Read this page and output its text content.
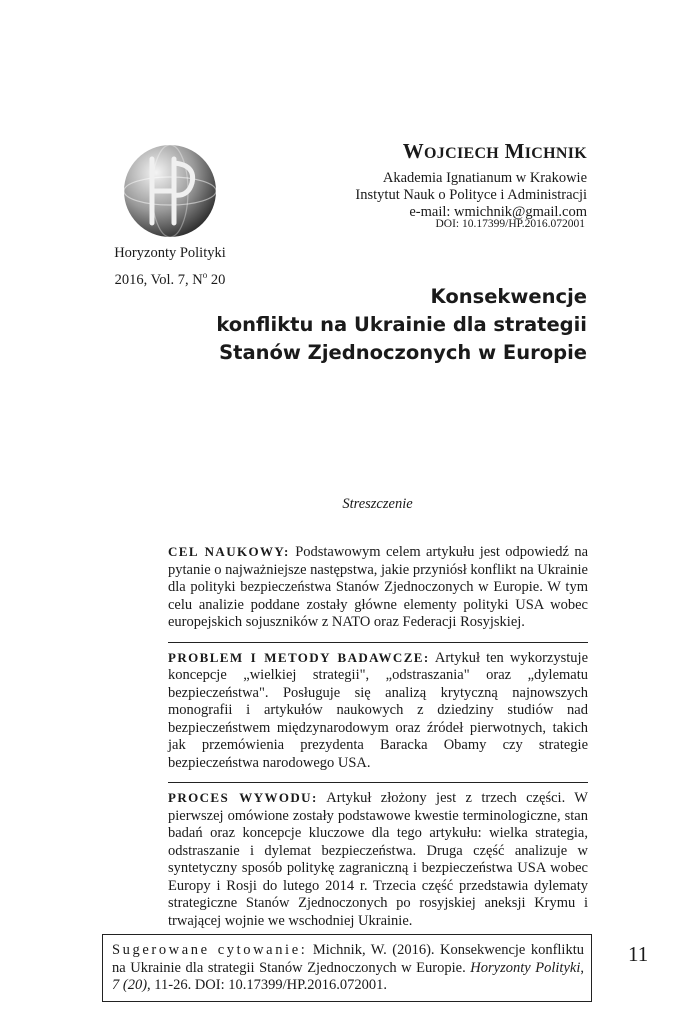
Horyzonty Polityki
2016, Vol. 7, $N^o$ 20
WOJCIECH MICHNIK
Akademia Ignatianum w Krakowie
Instytut Nauk o Polityce i Administracji
e-mail: wmichnik@gmail.com
DOI: 10.17399/HP.2016.072001
Konsekwencje
konfliktu na Ukrainie dla strategii
Stanów Zjednoczonych w Europie
Streszczenie
CEL NAUKOWY: Podstawowym celem artykułu jest odpowiedź na pytanie o najważniejsze następstwa, jakie przyniósł konflikt na Ukrainie dla polityki bezpieczeństwa Stanów Zjednoczonych w Europie. W tym celu analizie poddane zostały główne elementy polityki USA wobec europejskich sojuszników z NATO oraz Federacji Rosyjskiej.
PROBLEM I METODY BADAWCZE: Artykuł ten wykorzystuje koncepcje „wielkiej strategii", „odstraszania" oraz „dylematu bezpieczeństwa". Posługuje się analizą krytyczną najnowszych monografii i artykułów naukowych z dziedziny studiów nad bezpieczeństwem międzynarodowym oraz źródeł pierwotnych, takich jak przemówienia prezydenta Baracka Obamy czy strategie bezpieczeństwa narodowego USA.
PROCES WYWODU: Artykuł złożony jest z trzech części. W pierwszej omówione zostały podstawowe kwestie terminologiczne, stan badań oraz koncepcje kluczowe dla tego artykułu: wielka strategia, odstraszanie i dylemat bezpieczeństwa. Druga część analizuje w syntetyczny sposób politykę zagraniczną i bezpieczeństwa USA wobec Europy i Rosji do lutego 2014 r. Trzecia część przedstawia dylematy strategiczne Stanów Zjednoczonych po rosyjskiej aneksji Krymu i trwającej wojnie we wschodniej Ukrainie.
Sugerowane cytowanie: Michnik, W. (2016). Konsekwencje konfliktu na Ukrainie dla strategii Stanów Zjednoczonych w Europie. Horyzonty Polityki, 7 (20), 11-26. DOI: 10.17399/HP.2016.072001.
11
